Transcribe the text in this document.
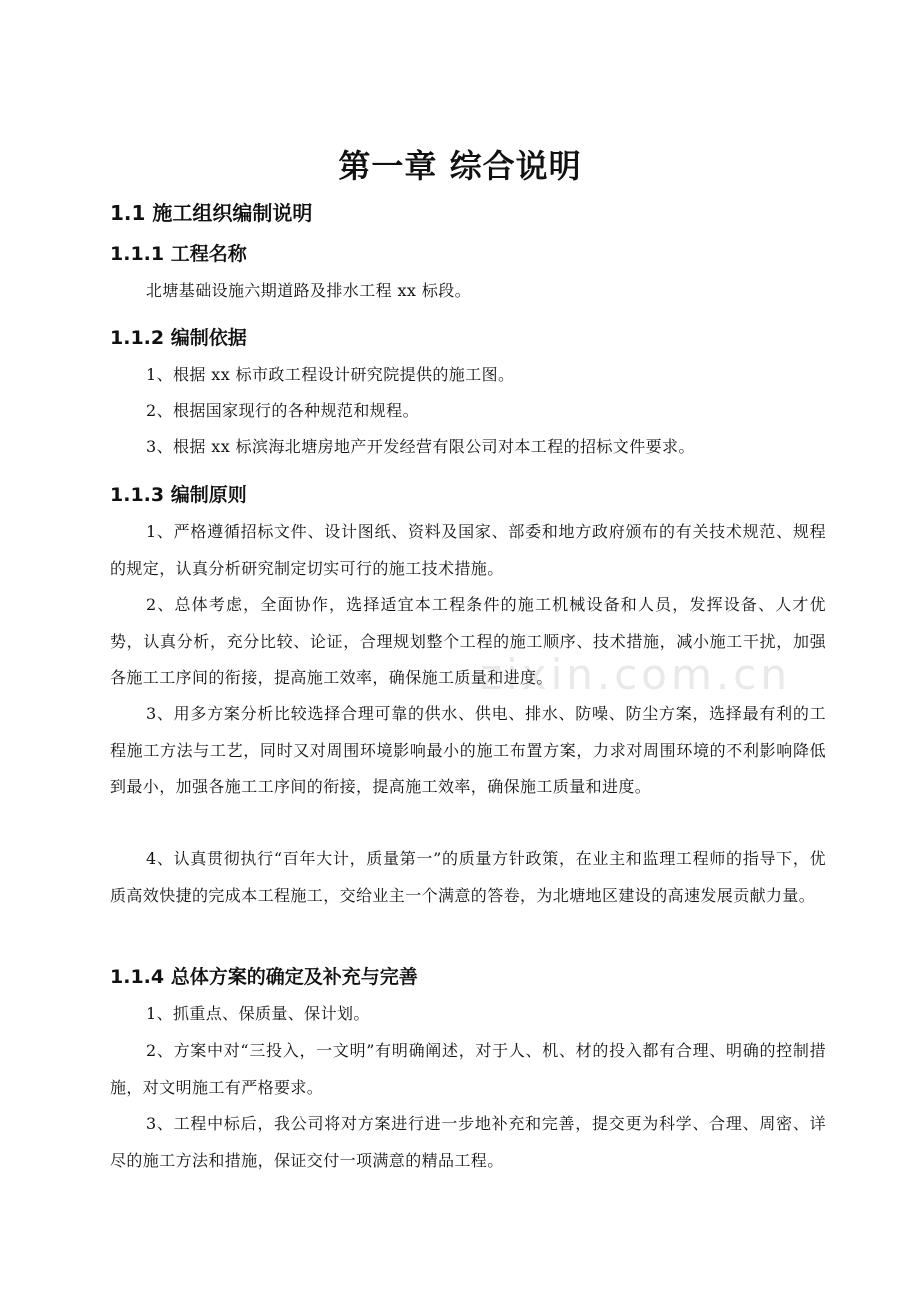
zixin.com.cn
第一章 综合说明
1.1 施工组织编制说明
1.1.1 工程名称
北塘基础设施六期道路及排水工程 xx 标段。
1.1.2 编制依据
1、根据 xx 标市政工程设计研究院提供的施工图。
2、根据国家现行的各种规范和规程。
3、根据 xx 标滨海北塘房地产开发经营有限公司对本工程的招标文件要求。
1.1.3 编制原则
1、严格遵循招标文件、设计图纸、资料及国家、部委和地方政府颁布的有关技术规范、规程的规定，认真分析研究制定切实可行的施工技术措施。
2、总体考虑，全面协作，选择适宜本工程条件的施工机械设备和人员，发挥设备、人才优势，认真分析，充分比较、论证，合理规划整个工程的施工顺序、技术措施，减小施工干扰，加强各施工工序间的衔接，提高施工效率，确保施工质量和进度。
3、用多方案分析比较选择合理可靠的供水、供电、排水、防噪、防尘方案，选择最有利的工程施工方法与工艺，同时又对周围环境影响最小的施工布置方案，力求对周围环境的不利影响降低到最小，加强各施工工序间的衔接，提高施工效率，确保施工质量和进度。
4、认真贯彻执行“百年大计，质量第一”的质量方针政策，在业主和监理工程师的指导下，优质高效快捷的完成本工程施工，交给业主一个满意的答卷，为北塘地区建设的高速发展贡献力量。
1.1.4 总体方案的确定及补充与完善
1、抓重点、保质量、保计划。
2、方案中对“三投入，一文明”有明确阐述，对于人、机、材的投入都有合理、明确的控制措施，对文明施工有严格要求。
3、工程中标后，我公司将对方案进行进一步地补充和完善，提交更为科学、合理、周密、详尽的施工方法和措施，保证交付一项满意的精品工程。
